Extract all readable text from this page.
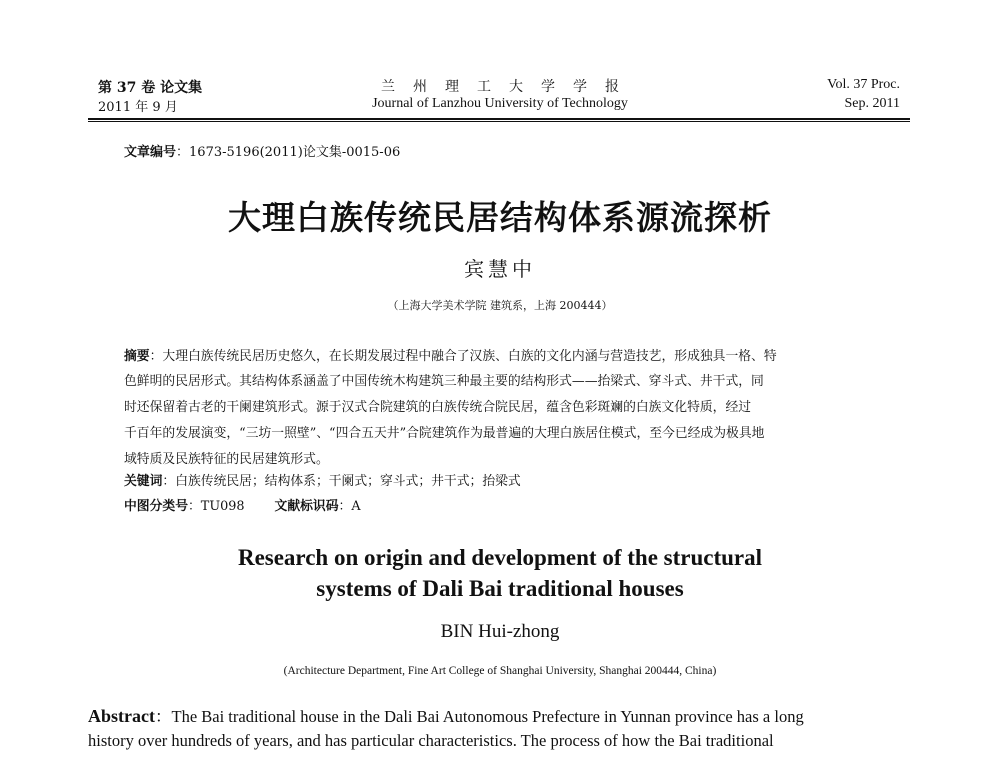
第 37 卷 论文集
2011 年 9 月
兰州理工大学学报
Journal of Lanzhou University of Technology
Vol. 37 Proc.
Sep. 2011
文章编号：1673-5196(2011)论文集-0015-06
大理白族传统民居结构体系源流探析
宾慧中
（上海大学美术学院 建筑系，上海 200444）
摘要：大理白族传统民居历史悠久，在长期发展过程中融合了汉族、白族的文化内涵与营造技艺，形成独具一格、特
色鲜明的民居形式。其结构体系涵盖了中国传统木构建筑三种最主要的结构形式——抬梁式、穿斗式、井干式，同
时还保留着古老的干阑建筑形式。源于汉式合院建筑的白族传统合院民居，蕴含色彩斑斓的白族文化特质，经过
千百年的发展演变，“三坊一照壁”、“四合五天井”合院建筑作为最普遍的大理白族居住模式，至今已经成为极具地
域特质及民族特征的民居建筑形式。
关键词：白族传统民居；结构体系；干阑式；穿斗式；井干式；抬梁式
中图分类号：TU098 文献标识码：A
Research on origin and development of the structural
systems of Dali Bai traditional houses
BIN Hui-zhong
(Architecture Department, Fine Art College of Shanghai University, Shanghai 200444, China)
Abstract：The Bai traditional house in the Dali Bai Autonomous Prefecture in Yunnan province has a long
history over hundreds of years, and has particular characteristics. The process of how the Bai traditional
